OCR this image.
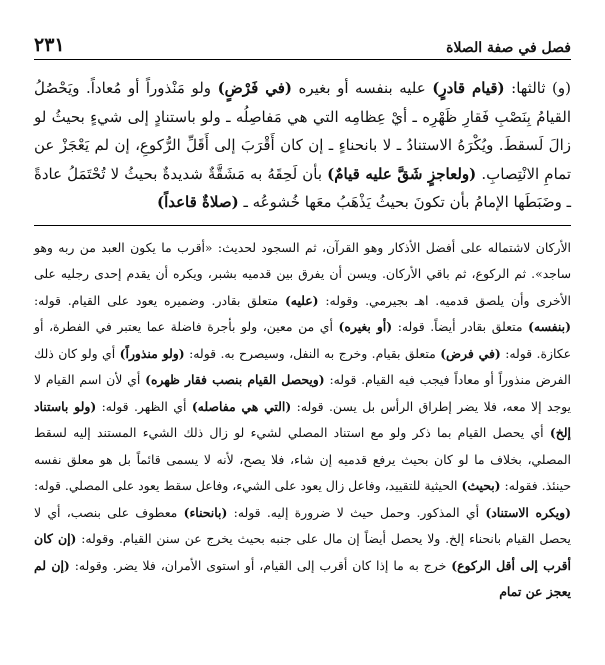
فصل في صفة الصلاة
٢٣١

(و) ثالثها: (قيام قادرٍ) عليه بنفسه أو بغيره (في فَرْضٍ) ولو مَنْذوراً أو مُعاداً. ويَحْصُلُ القيامُ بِنَصْبِ فَقارِ ظَهْرِه ـ أيْ عِظامِه التي هي مَفاصِلُه ـ ولو باستنادٍ إلى شيءٍ بحيثُ لو زالَ لَسقطَ. ويُكْرَهُ الاستنادُ ـ لا بانحناءٍ ـ إن كان أَقْرَبَ إلى أَقَلِّ الرُّكوعِ، إن لم يَعْجَزْ عن تمامِ الانْتِصابِ. (ولعاجزٍ شَقَّ عليه قيامٌ) بأن لَحِقَهُ به مَشَقَّةٌ شديدةٌ بحيثُ لا تُحْتَمَلُ عادةً ـ وضَبَطَها الإمامُ بأن تكونَ بحيثُ يَذْهَبُ معَها خُشوعُه ـ (صلاةٌ قاعداً)

الأركان لاشتماله على أفضل الأذكار وهو القرآن، ثم السجود لحديث: «أقرب ما يكون العبد من ربه وهو ساجد». ثم الركوع، ثم باقي الأركان. ويسن أن يفرق بين قدميه بشبر، ويكره أن يقدم إحدى رجليه على الأخرى وأن يلصق قدميه. اهـ بجيرمي. وقوله: (عليه) متعلق بقادر. وضميره يعود على القيام. قوله: (بنفسه) متعلق بقادر أيضاً. قوله: (أو بغيره) أي من معين، ولو بأجرة فاضلة عما يعتبر في الفطرة، أو عكازة. قوله: (في فرض) متعلق بقيام. وخرج به النفل، وسيصرح به. قوله: (ولو منذوراً) أي ولو كان ذلك الفرض منذوراً أو معاداً فيجب فيه القيام. قوله: (ويحصل القيام بنصب فقار ظهره) أي لأن اسم القيام لا يوجد إلا معه، فلا يضر إطراق الرأس بل يسن. قوله: (التي هي مفاصله) أي الظهر. قوله: (ولو باستناد إلخ) أي يحصل القيام بما ذكر ولو مع استناد المصلي لشيء لو زال ذلك الشيء المستند إليه لسقط المصلي، بخلاف ما لو كان بحيث يرفع قدميه إن شاء، فلا يصح، لأنه لا يسمى قائماً بل هو معلق نفسه حينئذ. فقوله: (بحيث) الحيثية للتقييد، وفاعل زال يعود على الشيء، وفاعل سقط يعود على المصلي. قوله: (ويكره الاستناد) أي المذكور. وحمل حيث لا ضرورة إليه. قوله: (بانحناء) معطوف على بنصب، أي لا يحصل القيام بانحناء إلخ. ولا يحصل أيضاً إن مال على جنبه بحيث يخرج عن سنن القيام. وقوله: (إن كان أقرب إلى أقل الركوع) خرج به ما إذا كان أقرب إلى القيام، أو استوى الأمران، فلا يضر. وقوله: (إن لم يعجز عن تمام
